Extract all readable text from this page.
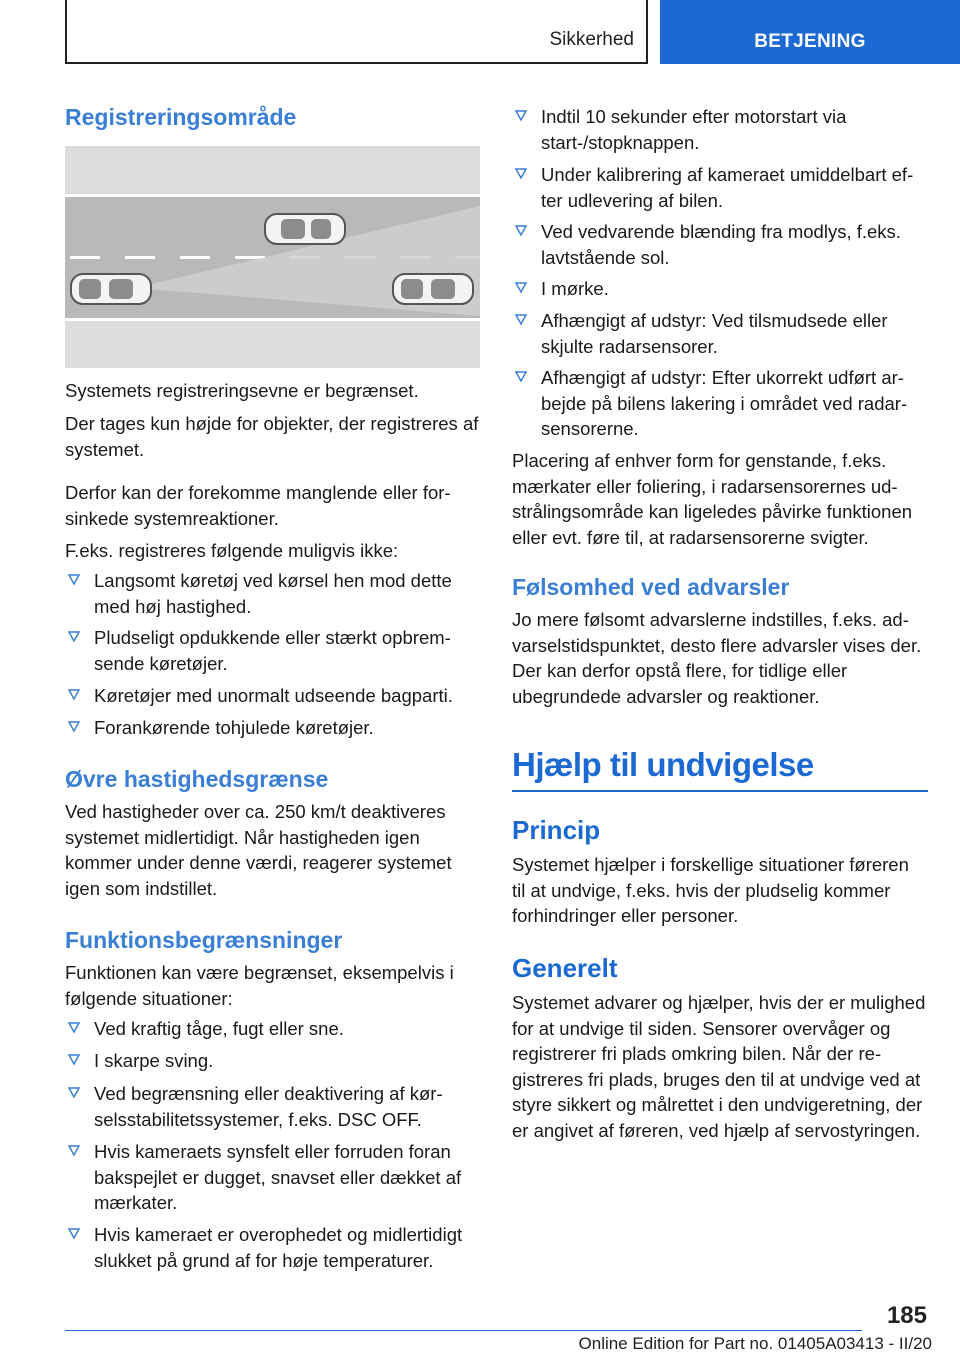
Sikkerhed	BETJENING
Registreringsområde

Systemets registreringsevne er begrænset.

Der tages kun højde for objekter, der registreres af systemet.

Derfor kan der forekomme manglende eller forsinkede systemreaktioner.

F.eks. registreres følgende muligvis ikke:

Langsomt køretøj ved kørsel hen mod dette med høj hastighed.
Pludseligt opdukkende eller stærkt opbremsende køretøjer.
Køretøjer med unormalt udseende bagparti.
Forankørende tohjulede køretøjer.
Øvre hastighedsgrænse

Ved hastigheder over ca. 250 km/t deaktiveres systemet midlertidigt. Når hastigheden igen kommer under denne værdi, reagerer systemet igen som indstillet.

Funktionsbegrænsninger

Funktionen kan være begrænset, eksempelvis i følgende situationer:

Ved kraftig tåge, fugt eller sne.
I skarpe sving.
Ved begrænsning eller deaktivering af kørselsstabilitetssystemer, f.eks. DSC OFF.
Hvis kameraets synsfelt eller forruden foran bakspejlet er dugget, snavset eller dækket af mærkater.
Hvis kameraet er overophedet og midlertidigt slukket på grund af for høje temperaturer.
Indtil 10 sekunder efter motorstart via start-/stopknappen.
Under kalibrering af kameraet umiddelbart efter udlevering af bilen.
Ved vedvarende blænding fra modlys, f.eks. lavtstående sol.
I mørke.
Afhængigt af udstyr: Ved tilsmudsede eller skjulte radarsensorer.
Afhængigt af udstyr: Efter ukorrekt udført arbejde på bilens lakering i området ved radarsensorerne.

Placering af enhver form for genstande, f.eks. mærkater eller foliering, i radarsensorernes udstrålingsområde kan ligeledes påvirke funktionen eller evt. føre til, at radarsensorerne svigter.

Følsomhed ved advarsler

Jo mere følsomt advarslerne indstilles, f.eks. advarselstidspunktet, desto flere advarsler vises der. Der kan derfor opstå flere, for tidlige eller ubegrundede advarsler og reaktioner.

Hjælp til undvigelse
Princip

Systemet hjælper i forskellige situationer føreren til at undvige, f.eks. hvis der pludselig kommer forhindringer eller personer.

Generelt

Systemet advarer og hjælper, hvis der er mulighed for at undvige til siden. Sensorer overvåger og registrerer fri plads omkring bilen. Når der registreres fri plads, bruges den til at undvige ved at styre sikkert og målrettet i den undvigeretning, der er angivet af føreren, ved hjælp af servostyringen.

185
Online Edition for Part no. 01405A03413 - II/20
